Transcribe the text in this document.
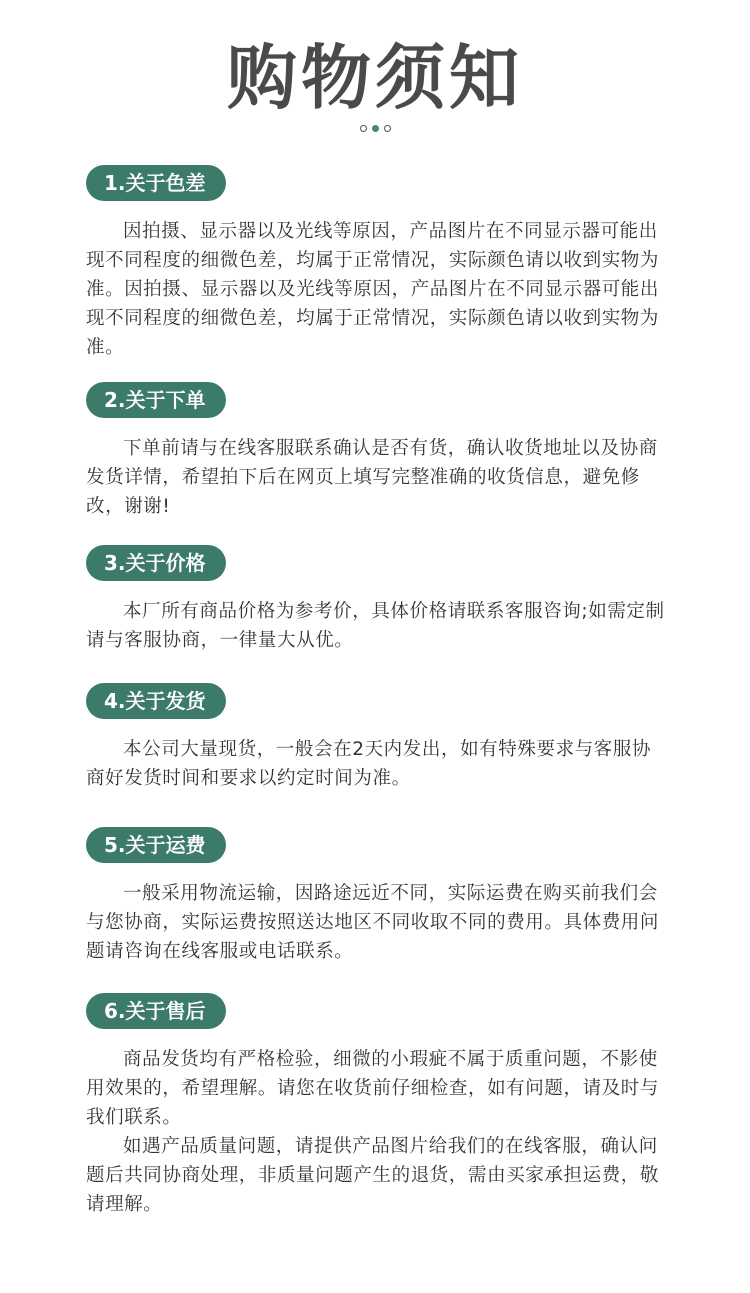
购物须知
1.关于色差

因拍摄、显示器以及光线等原因，产品图片在不同显示器可能出现不同程度的细微色差，均属于正常情况，实际颜色请以收到实物为准。因拍摄、显示器以及光线等原因，产品图片在不同显示器可能出现不同程度的细微色差，均属于正常情况，实际颜色请以收到实物为准。

2.关于下单

下单前请与在线客服联系确认是否有货，确认收货地址以及协商发货详情，希望拍下后在网页上填写完整准确的收货信息，避免修改，谢谢!

3.关于价格

本厂所有商品价格为参考价，具体价格请联系客服咨询;如需定制请与客服协商，一律量大从优。

4.关于发货

本公司大量现货，一般会在2天内发出，如有特殊要求与客服协商好发货时间和要求以约定时间为准。

5.关于运费

一般采用物流运输，因路途远近不同，实际运费在购买前我们会与您协商，实际运费按照送达地区不同收取不同的费用。具体费用问题请咨询在线客服或电话联系。

6.关于售后

商品发货均有严格检验，细微的小瑕疵不属于质重问题，不影使用效果的，希望理解。请您在收货前仔细检查，如有问题，请及时与我们联系。

如遇产品质量问题，请提供产品图片给我们的在线客服，确认问题后共同协商处理，非质量问题产生的退货，需由买家承担运费，敬请理解。
